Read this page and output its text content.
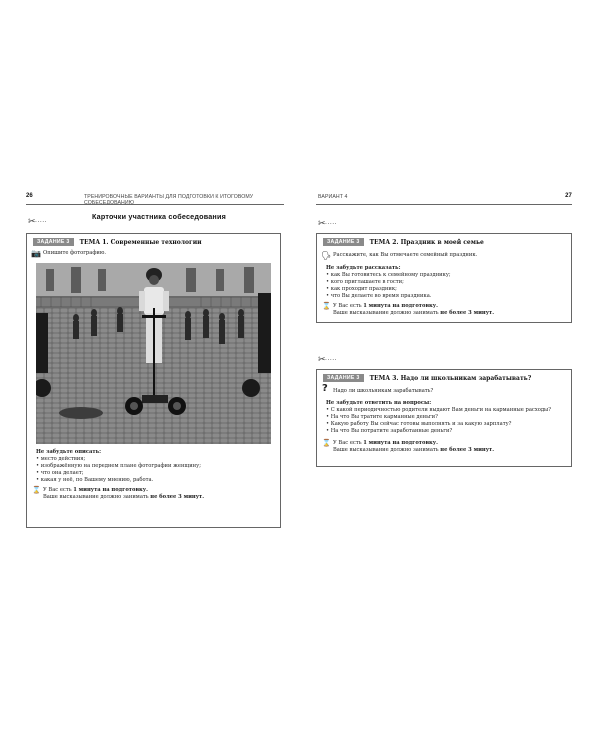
26	ТРЕНИРОВОЧНЫЕ ВАРИАНТЫ ДЛЯ ПОДГОТОВКИ К ИТОГОВОМУ СОБЕСЕДОВАНИЮ
✂·····
Карточки участника собеседования
ЗАДАНИЕ 3	ТЕМА 1. Современные технологии
📷 Опишите фотографию.
Не забудьте описать:
• место действия;
• изображённую на переднем плане фотографии женщину;
• что она делает;
• какая у неё, по Вашему мнению, работа.
⌛ У Вас есть 1 минута на подготовку.
Ваше высказывание должно занимать не более 3 минут.
ВАРИАНТ 4	27
✂·····
ЗАДАНИЕ 3	ТЕМА 2. Праздник в моей семье
🗣 Расскажите, как Вы отмечаете семейный праздник.
Не забудьте рассказать:
• как Вы готовитесь к семейному празднику;
• кого приглашаете в гости;
• как проходит праздник;
• что Вы делаете во время праздника.
⌛ У Вас есть 1 минута на подготовку.
Ваше высказывание должно занимать не более 3 минут.
✂·····
ЗАДАНИЕ 3	ТЕМА 3. Надо ли школьникам зарабатывать?
? Надо ли школьникам зарабатывать?
Не забудьте ответить на вопросы:
• С какой периодичностью родители выдают Вам деньги на карманные расходы?
• На что Вы тратите карманные деньги?
• Какую работу Вы сейчас готовы выполнять и за какую зарплату?
• На что Вы потратите заработанные деньги?
⌛ У Вас есть 1 минута на подготовку.
Ваше высказывание должно занимать не более 3 минут.
